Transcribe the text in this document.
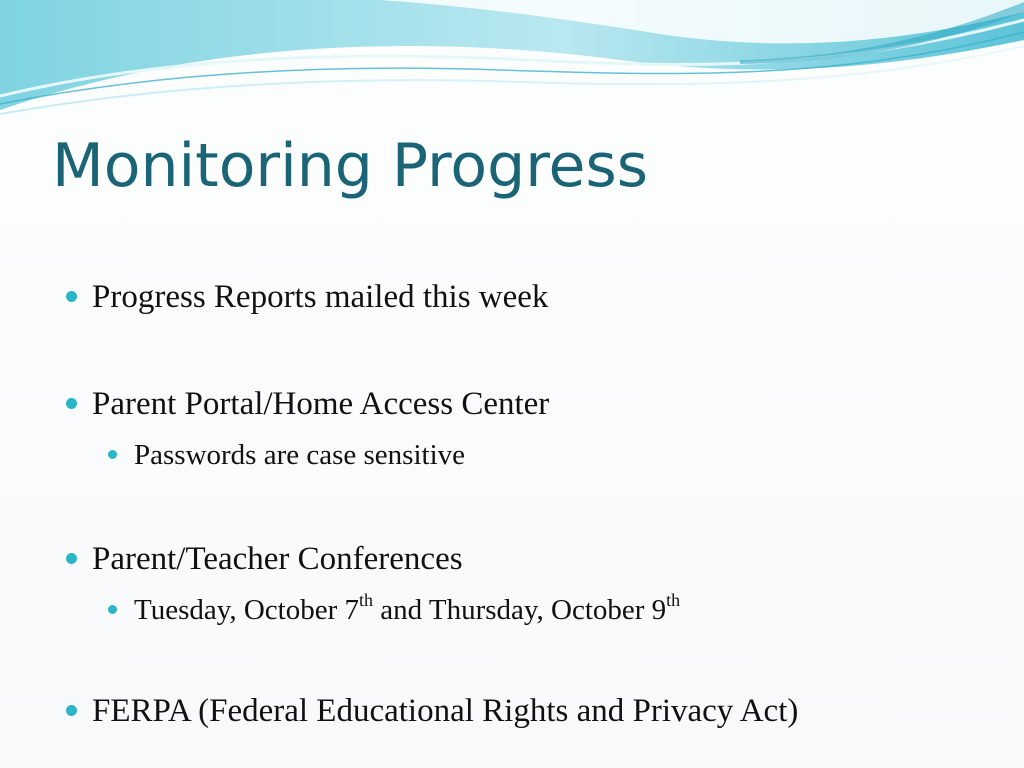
Monitoring Progress
Progress Reports mailed this week
Parent Portal/Home Access Center
Passwords are case sensitive
Parent/Teacher Conferences
Tuesday, October 7th and Thursday, October 9th
FERPA (Federal Educational Rights and Privacy Act)
